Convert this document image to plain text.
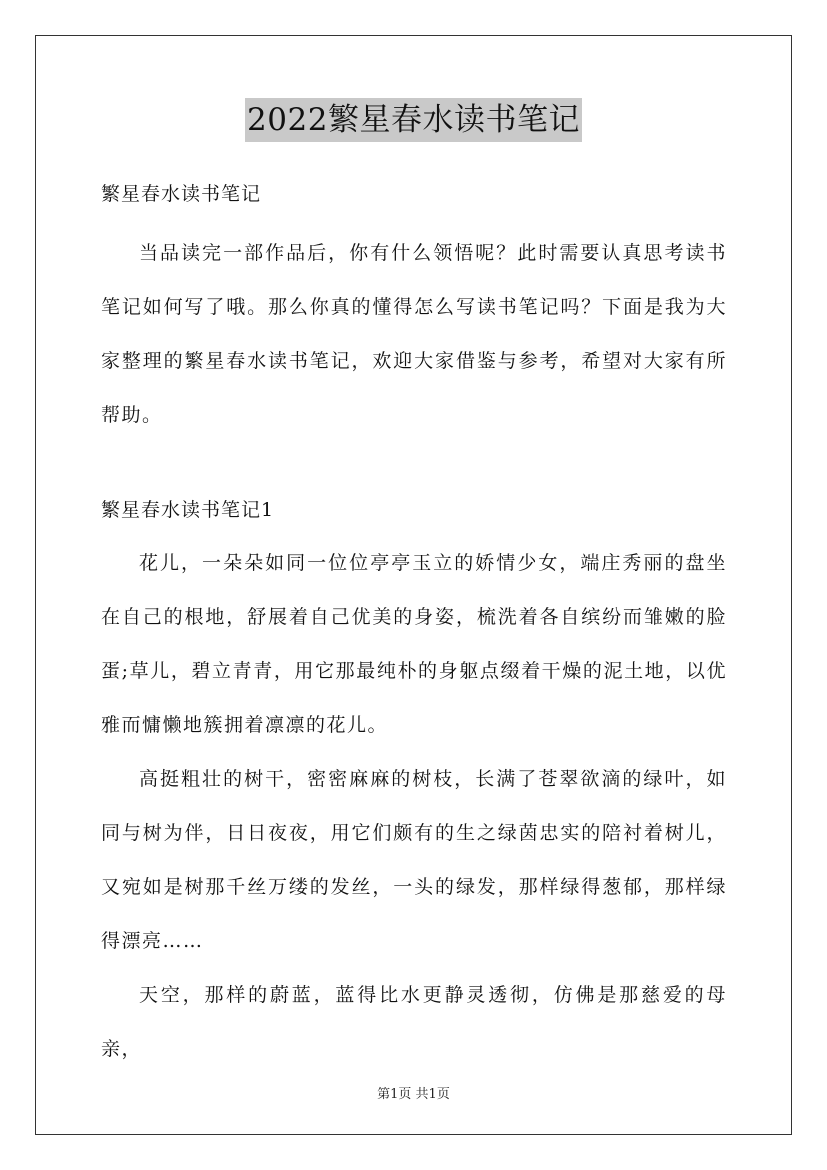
2022繁星春水读书笔记

繁星春水读书笔记

当品读完一部作品后，你有什么领悟呢？此时需要认真思考读书笔记如何写了哦。那么你真的懂得怎么写读书笔记吗？下面是我为大家整理的繁星春水读书笔记，欢迎大家借鉴与参考，希望对大家有所帮助。

繁星春水读书笔记1

花儿，一朵朵如同一位位亭亭玉立的娇情少女，端庄秀丽的盘坐在自己的根地，舒展着自己优美的身姿，梳洗着各自缤纷而雏嫩的脸蛋;草儿，碧立青青，用它那最纯朴的身躯点缀着干燥的泥土地，以优雅而慵懒地簇拥着凛凛的花儿。

高挺粗壮的树干，密密麻麻的树枝，长满了苍翠欲滴的绿叶，如同与树为伴，日日夜夜，用它们颇有的生之绿茵忠实的陪衬着树儿，又宛如是树那千丝万缕的发丝，一头的绿发，那样绿得葱郁，那样绿得漂亮……

天空，那样的蔚蓝，蓝得比水更静灵透彻，仿佛是那慈爱的母亲，

第1页 共1页
